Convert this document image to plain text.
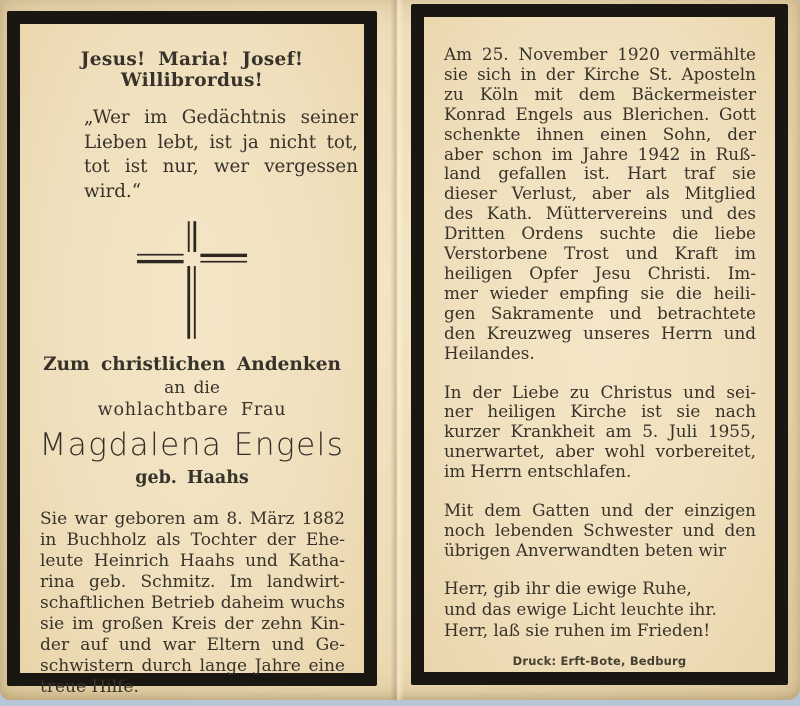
Jesus! Maria! Josef! Willibrordus!
„Wer im Gedächtnis seiner
Lieben lebt, ist ja nicht tot,
tot ist nur, wer vergessen
wird.“
Zum christlichen Andenken
an die
wohlachtbare Frau
Magdalena Engels
geb. Haahs
Sie war geboren am 8. März 1882
in Buchholz als Tochter der Ehe-
leute Heinrich Haahs und Katha-
rina geb. Schmitz. Im landwirt-
schaftlichen Betrieb daheim wuchs
sie im großen Kreis der zehn Kin-
der auf und war Eltern und Ge-
schwistern durch lange Jahre eine
treue Hilfe.
Am 25. November 1920 vermählte
sie sich in der Kirche St. Aposteln
zu Köln mit dem Bäckermeister
Konrad Engels aus Blerichen. Gott
schenkte ihnen einen Sohn, der
aber schon im Jahre 1942 in Ruß-
land gefallen ist. Hart traf sie
dieser Verlust, aber als Mitglied
des Kath. Müttervereins und des
Dritten Ordens suchte die liebe
Verstorbene Trost und Kraft im
heiligen Opfer Jesu Christi. Im-
mer wieder empfing sie die heili-
gen Sakramente und betrachtete
den Kreuzweg unseres Herrn und
Heilandes.
In der Liebe zu Christus und sei-
ner heiligen Kirche ist sie nach
kurzer Krankheit am 5. Juli 1955,
unerwartet, aber wohl vorbereitet,
im Herrn entschlafen.
Mit dem Gatten und der einzigen
noch lebenden Schwester und den
übrigen Anverwandten beten wir
Herr, gib ihr die ewige Ruhe,
und das ewige Licht leuchte ihr.
Herr, laß sie ruhen im Frieden!
Druck: Erft-Bote, Bedburg
